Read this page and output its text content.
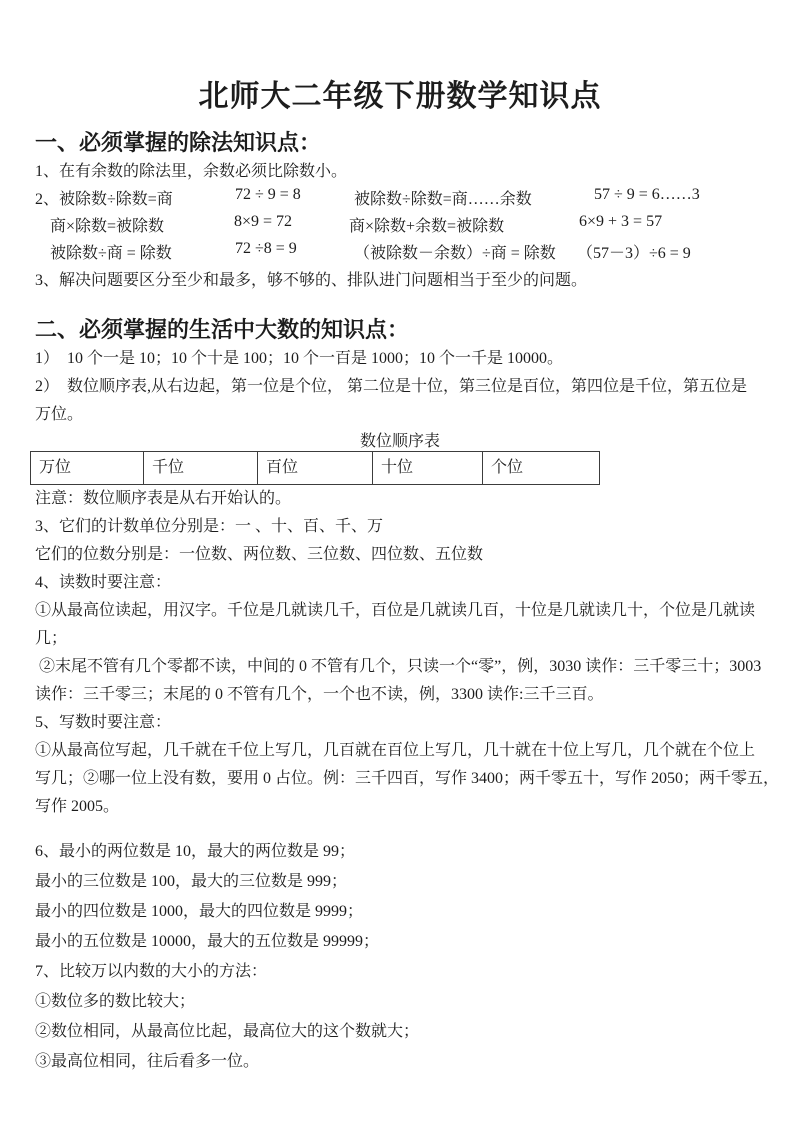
北师大二年级下册数学知识点
一、必须掌握的除法知识点：
1、在有余数的除法里，余数必须比除数小。
2、被除数÷除数=商	72 ÷ 9 = 8	被除数÷除数=商……余数	57 ÷ 9 = 6……3
商×除数=被除数	8×9 = 72	商×除数+余数=被除数	6×9 + 3 = 57
被除数÷商 = 除数	72 ÷8 = 9	（被除数－余数）÷商 = 除数 （57－3）÷6 = 9
3、解决问题要区分至少和最多，够不够的、排队进门问题相当于至少的问题。
二、必须掌握的生活中大数的知识点：
1）  10 个一是 10；10 个十是 100；10 个一百是 1000；10 个一千是 10000。
2）  数位顺序表,从右边起，第一位是个位， 第二位是十位，第三位是百位，第四位是千位，第五位是
万位。
数位顺序表
万位	千位	百位	十位	个位
注意：数位顺序表是从右开始认的。
3、它们的计数单位分别是：一 、十、百、千、万
它们的位数分别是：一位数、两位数、三位数、四位数、五位数
4、读数时要注意：
①从最高位读起，用汉字。千位是几就读几千，百位是几就读几百，十位是几就读几十，个位是几就读
几；
②末尾不管有几个零都不读，中间的 0 不管有几个，只读一个“零”，例，3030 读作：三千零三十；3003
读作：三千零三；末尾的 0 不管有几个，一个也不读，例，3300 读作:三千三百。
5、写数时要注意：
①从最高位写起，几千就在千位上写几，几百就在百位上写几，几十就在十位上写几，几个就在个位上
写几；②哪一位上没有数，要用 0 占位。例：三千四百，写作 3400；两千零五十，写作 2050；两千零五，
写作 2005。
6、最小的两位数是 10，最大的两位数是 99；
最小的三位数是 100，最大的三位数是 999；
最小的四位数是 1000，最大的四位数是 9999；
最小的五位数是 10000，最大的五位数是 99999；
7、比较万以内数的大小的方法：
①数位多的数比较大；
②数位相同，从最高位比起，最高位大的这个数就大；
③最高位相同，往后看多一位。
